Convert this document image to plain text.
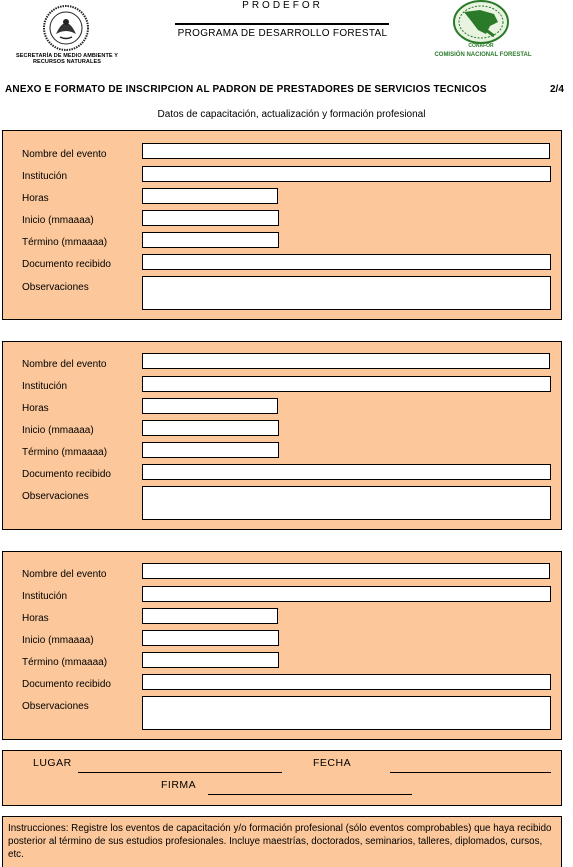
SECRETARÍA DE MEDIO AMBIENTE Y RECURSOS NATURALES
PRODEFOR
PROGRAMA DE DESARROLLO FORESTAL
CONAFOR
COMISIÓN NACIONAL FORESTAL
ANEXO E FORMATO DE INSCRIPCION AL PADRON DE PRESTADORES DE SERVICIOS TECNICOS	2/4
Datos de capacitación, actualización y formación profesional
Nombre del evento
Institución
Horas
Inicio (mmaaaa)
Término (mmaaaa)
Documento recibido
Observaciones
Nombre del evento
Institución
Horas
Inicio (mmaaaa)
Término (mmaaaa)
Documento recibido
Observaciones
Nombre del evento
Institución
Horas
Inicio (mmaaaa)
Término (mmaaaa)
Documento recibido
Observaciones
LUGAR	FECHA
FIRMA
Instrucciones: Registre los eventos de capacitación y/o formación profesional (sólo eventos comprobables) que haya recibido posterior al término de sus estudios profesionales. Incluye maestrías, doctorados, seminarios, talleres, diplomados, cursos, etc.
